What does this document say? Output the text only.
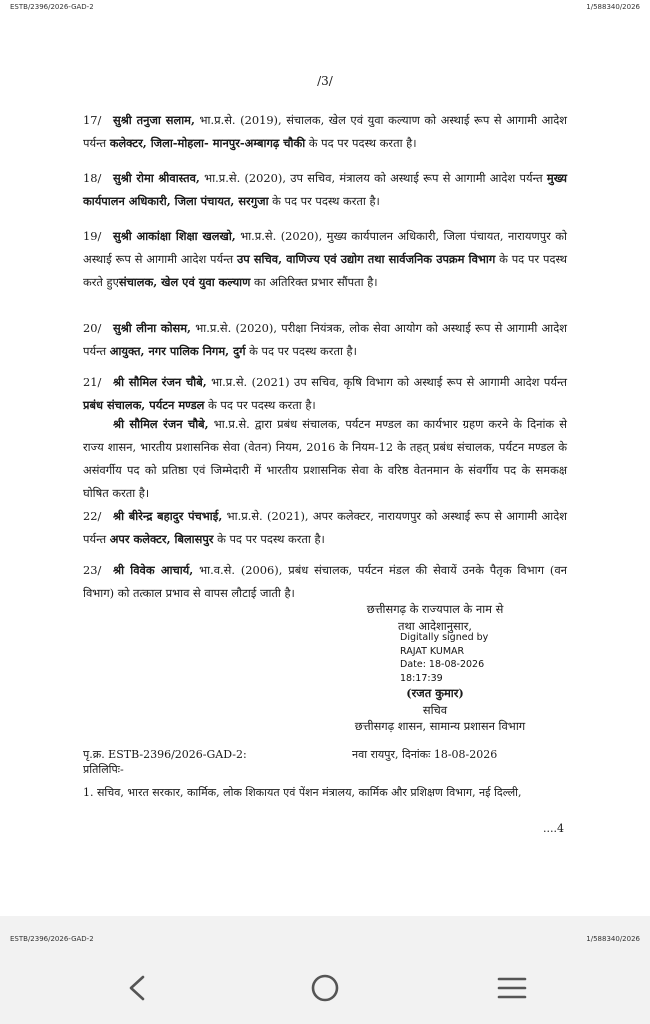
ESTB/2396/2026-GAD-2	1/588340/2026
/3/
17/ सुश्री तनुजा सलाम, भा.प्र.से. (2019), संचालक, खेल एवं युवा कल्याण को अस्थाई रूप से आगामी आदेश पर्यन्त कलेक्टर, जिला-मोहला- मानपुर-अम्बागढ़ चौकी के पद पर पदस्थ करता है।
18/ सुश्री रोमा श्रीवास्तव, भा.प्र.से. (2020), उप सचिव, मंत्रालय को अस्थाई रूप से आगामी आदेश पर्यन्त मुख्य कार्यपालन अधिकारी, जिला पंचायत, सरगुजा के पद पर पदस्थ करता है।
19/ सुश्री आकांक्षा शिक्षा खलखो, भा.प्र.से. (2020), मुख्य कार्यपालन अधिकारी, जिला पंचायत, नारायणपुर को अस्थाई रूप से आगामी आदेश पर्यन्त उप सचिव, वाणिज्य एवं उद्योग तथा सार्वजनिक उपक्रम विभाग के पद पर पदस्थ करते हुएसंचालक, खेल एवं युवा कल्याण का अतिरिक्त प्रभार सौंपता है।
20/ सुश्री लीना कोसम, भा.प्र.से. (2020), परीक्षा नियंत्रक, लोक सेवा आयोग को अस्थाई रूप से आगामी आदेश पर्यन्त आयुक्त, नगर पालिक निगम, दुर्ग के पद पर पदस्थ करता है।
21/ श्री सौमिल रंजन चौबे, भा.प्र.से. (2021) उप सचिव, कृषि विभाग को अस्थाई रूप से आगामी आदेश पर्यन्त प्रबंध संचालक, पर्यटन मण्डल के पद पर पदस्थ करता है।
श्री सौमिल रंजन चौबे, भा.प्र.से. द्वारा प्रबंध संचालक, पर्यटन मण्डल का कार्यभार ग्रहण करने के दिनांक से राज्य शासन, भारतीय प्रशासनिक सेवा (वेतन) नियम, 2016 के नियम-12 के तहत् प्रबंध संचालक, पर्यटन मण्डल के असंवर्गीय पद को प्रतिष्ठा एवं जिम्मेदारी में भारतीय प्रशासनिक सेवा के वरिष्ठ वेतनमान के संवर्गीय पद के समकक्ष घोषित करता है।
22/ श्री बीरेन्द्र बहादुर पंचभाई, भा.प्र.से. (2021), अपर कलेक्टर, नारायणपुर को अस्थाई रूप से आगामी आदेश पर्यन्त अपर कलेक्टर, बिलासपुर के पद पर पदस्थ करता है।
23/ श्री विवेक आचार्य, भा.व.से. (2006), प्रबंध संचालक, पर्यटन मंडल की सेवायें उनके पैतृक विभाग (वन विभाग) को तत्काल प्रभाव से वापस लौटाई जाती है।
छत्तीसगढ़ के राज्यपाल के नाम से
तथा आदेशानुसार,
Digitally signed by
RAJAT KUMAR
Date: 18-08-2026
18:17:39
(रजत कुमार)
सचिव
छत्तीसगढ़ शासन, सामान्य प्रशासन विभाग
पृ.क्र. ESTB-2396/2026-GAD-2:	नवा रायपुर, दिनांकः 18-08-2026
प्रतिलिपिः-
1. सचिव, भारत सरकार, कार्मिक, लोक शिकायत एवं पेंशन मंत्रालय, कार्मिक और प्रशिक्षण विभाग, नई दिल्ली,
....4
ESTB/2396/2026-GAD-2	1/588340/2026
